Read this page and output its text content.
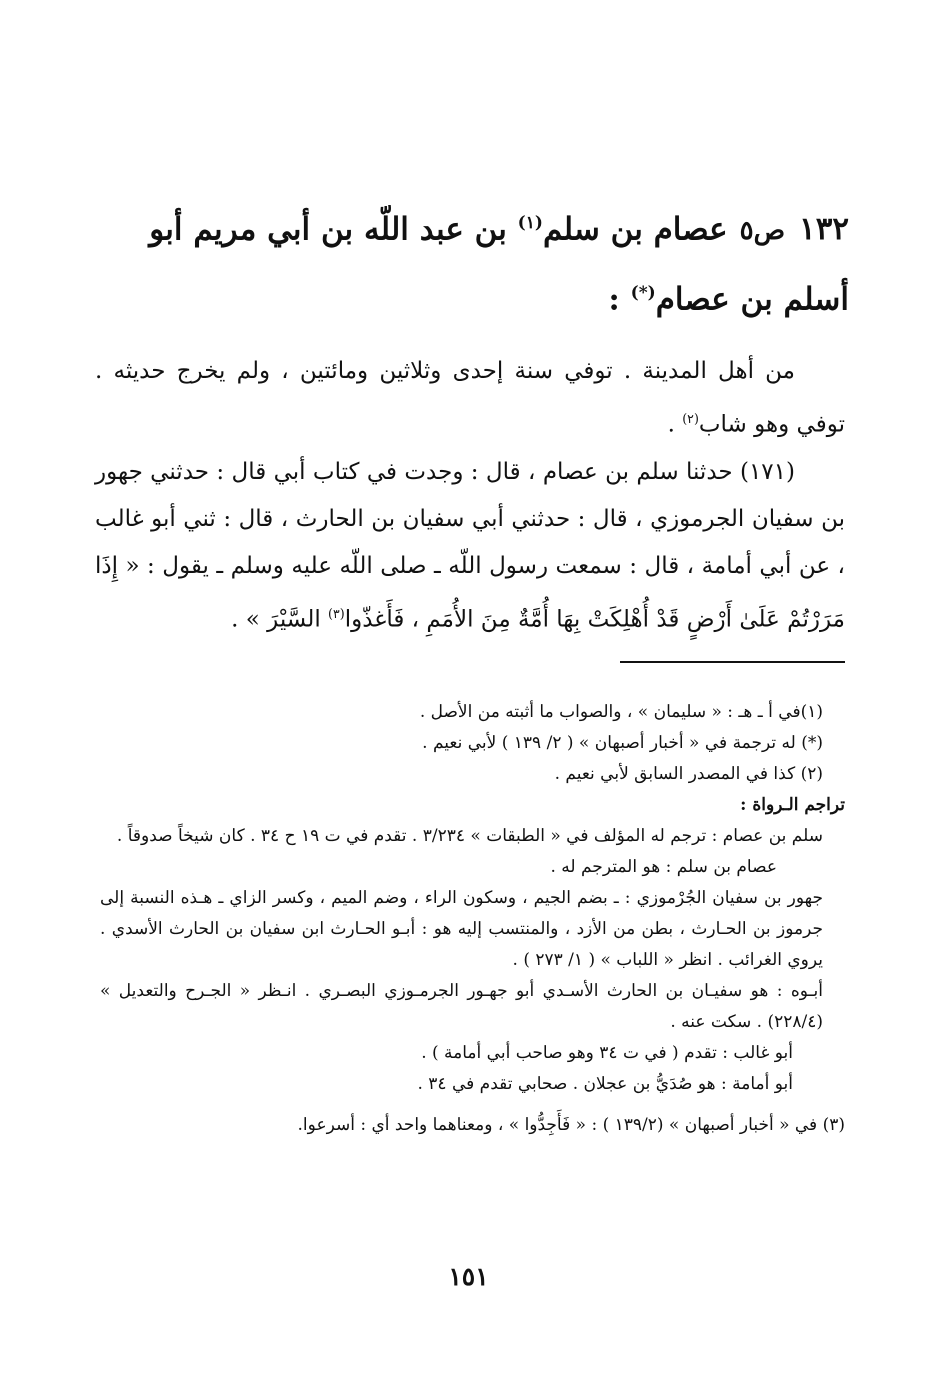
١٣٢ص٥عصام بن سلم$^{(١)}$ بن عبد اللّه بن أبي مريم أبو أسلم بن عصام(*) :

من أهل المدينة . توفي سنة إحدى وثلاثين ومائتين ، ولم يخرج حديثه . توفي وهو شاب$^{(٢)}$ .

(١٧١) حدثنا سلم بن عصام ، قال : وجدت في كتاب أبي قال : حدثني جهور بن سفيان الجرموزي ، قال : حدثني أبي سفيان بن الحارث ، قال : ثني أبو غالب ، عن أبي أمامة ، قال : سمعت رسول اللّه ـ صلى اللّه عليه وسلم ـ يقول : « إِذَا مَرَرْتُمْ عَلَىٰ أَرْضٍ قَدْ أُهْلِكَتْ بِهَا أُمَّةٌ مِنَ الأُمَمِ ، فَأَغذّوا$^{(٣)}$ السَّيْرَ » .

(١)في أ ـ هـ : « سليمان » ، والصواب ما أثبته من الأصل .

(*) له ترجمة في « أخبار أصبهان » ( ٢/ ١٣٩ ) لأبي نعيم .

(٢) كذا في المصدر السابق لأبي نعيم .

تراجم الـرواة :

سلم بن عصام : ترجم له المؤلف في « الطبقات » ٣/٢٣٤ . تقدم في ت ١٩ ح ٣٤ . كان شيخاً صدوقاً .

عصام بن سلم : هو المترجم له .

جهور بن سفيان الجُرْموزي : ـ بضم الجيم ، وسكون الراء ، وضم الميم ، وكسر الزاي ـ هـذه النسبة إلى جرموز بن الحـارث ، بطن من الأزد ، والمنتسب إليه هو : أبـو الحـارث ابن سفيان بن الحارث الأسدي . يروي الغرائب . انظر « اللباب » ( ١/ ٢٧٣ ) .

أبـوه : هو سفيـان بن الحارث الأسـدي أبو جهـور الجرمـوزي البصـري . انـظر « الجـرح والتعديل » (٢٢٨/٤) . سكت عنه .

أبو غالب : تقدم ( في ت ٣٤ وهو صاحب أبي أمامة ) .

أبو أمامة : هو صُدَيُّ بن عجلان . صحابي تقدم في ٣٤ .

(٣) في « أخبار أصبهان » (١٣٩/٢ ) : « فَأَجِدُّوا » ، ومعناهما واحد أي : أسرعوا.

١٥١
